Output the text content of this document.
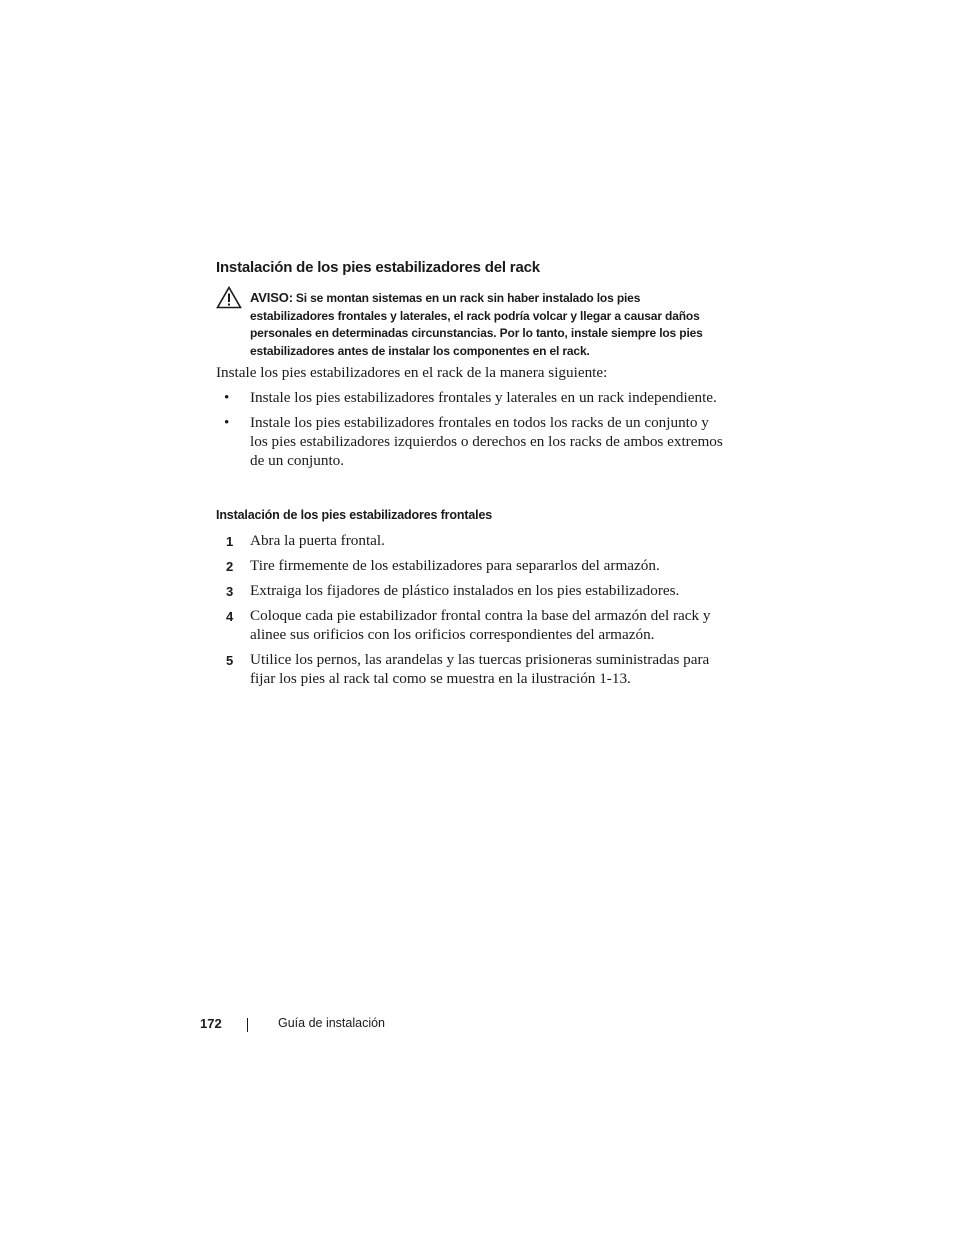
Instalación de los pies estabilizadores del rack
AVISO: Si se montan sistemas en un rack sin haber instalado los pies estabilizadores frontales y laterales, el rack podría volcar y llegar a causar daños personales en determinadas circunstancias. Por lo tanto, instale siempre los pies estabilizadores antes de instalar los componentes en el rack.

Instale los pies estabilizadores en el rack de la manera siguiente:

• Instale los pies estabilizadores frontales y laterales en un rack independiente.
• Instale los pies estabilizadores frontales en todos los racks de un conjunto y los pies estabilizadores izquierdos o derechos en los racks de ambos extremos de un conjunto.
Instalación de los pies estabilizadores frontales
1 Abra la puerta frontal.
2 Tire firmemente de los estabilizadores para separarlos del armazón.
3 Extraiga los fijadores de plástico instalados en los pies estabilizadores.
4 Coloque cada pie estabilizador frontal contra la base del armazón del rack y alinee sus orificios con los orificios correspondientes del armazón.
5 Utilice los pernos, las arandelas y las tuercas prisioneras suministradas para fijar los pies al rack tal como se muestra en la ilustración 1-13.
172	Guía de instalación
